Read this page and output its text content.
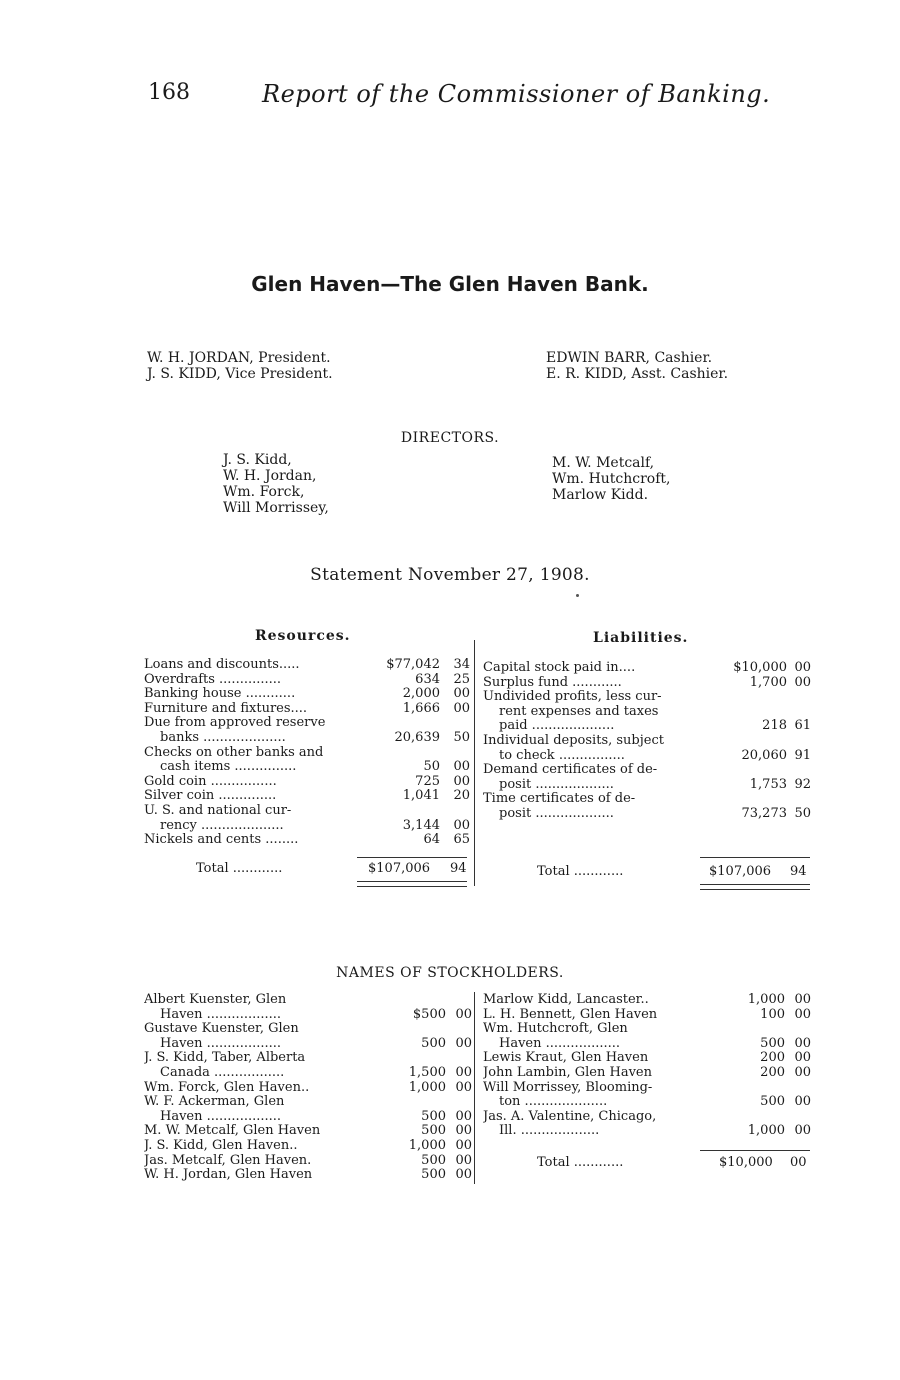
168	Report of the Commissioner of Banking.
Glen Haven—The Glen Haven Bank.
W. H. JORDAN, President.
J. S. KIDD, Vice President.
EDWIN BARR, Cashier.
E. R. KIDD, Asst. Cashier.
DIRECTORS.
J. S. Kidd,
W. H. Jordan,
Wm. Forck,
Will Morrissey,
M. W. Metcalf,
Wm. Hutchcroft,
Marlow Kidd.
Statement November 27, 1908.
Resources.	Liabilities.
Loans and discounts.....	$77,042	34
Overdrafts ...............	634	25
Banking house ............	2,000	00
Furniture and fixtures....	1,666	00
Due from approved reserve
banks ....................	20,639	50
Checks on other banks and
cash items ...............	50	00
Gold coin ................	725	00
Silver coin ..............	1,041	20
U. S. and national cur-
rency ....................	3,144	00
Nickels and cents ........	64	65
Capital stock paid in....	$10,000 00
Surplus fund ............	1,700 00
Undivided profits, less cur-
rent expenses and taxes
paid ....................	218 61
Individual deposits, subject
to check ................	20,060 91
Demand certificates of de-
posit ...................	1,753 92
Time certificates of de-
posit ...................	73,273 50
Total ............	$107,006 94	Total ............	$107,006 94
NAMES OF STOCKHOLDERS.
Albert Kuenster, Glen
Haven ..................	$500 00
Gustave Kuenster, Glen
Haven ..................	500 00
J. S. Kidd, Taber, Alberta
Canada .................	1,500 00
Wm. Forck, Glen Haven..	1,000 00
W. F. Ackerman, Glen
Haven ..................	500 00
M. W. Metcalf, Glen Haven	500 00
J. S. Kidd, Glen Haven..	1,000 00
Jas. Metcalf, Glen Haven.	500 00
W. H. Jordan, Glen Haven	500 00
Marlow Kidd, Lancaster..	1,000 00
L. H. Bennett, Glen Haven	100 00
Wm. Hutchcroft, Glen
Haven ..................	500 00
Lewis Kraut, Glen Haven	200 00
John Lambin, Glen Haven	200 00
Will Morrissey, Blooming-
ton ....................	500 00
Jas. A. Valentine, Chicago,
Ill. ...................	1,000 00
Total ............	$10,000 00
